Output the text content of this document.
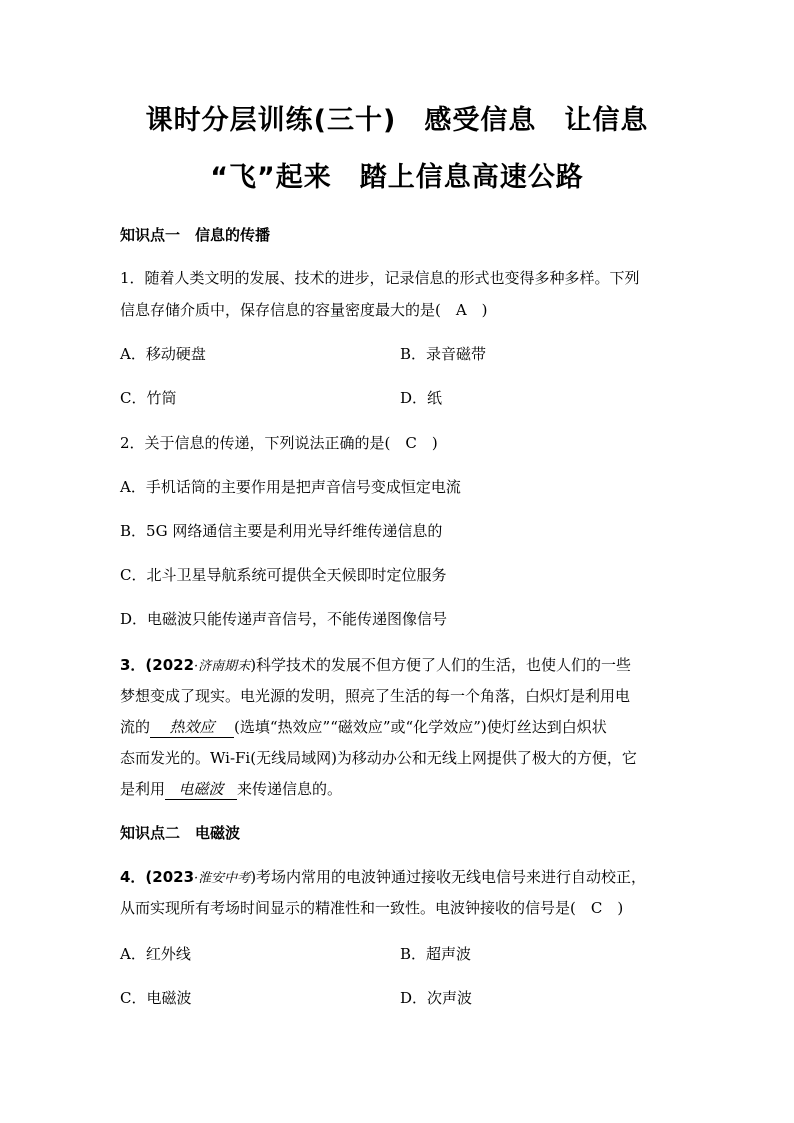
课时分层训练(三十)　感受信息　让信息
“飞”起来　踏上信息高速公路
知识点一　信息的传播
1．随着人类文明的发展、技术的进步，记录信息的形式也变得多种多样。下列
信息存储介质中，保存信息的容量密度最大的是(　A　)
A．移动硬盘	B．录音磁带
C．竹筒	D．纸
2．关于信息的传递，下列说法正确的是(　C　)
A．手机话筒的主要作用是把声音信号变成恒定电流
B．5G 网络通信主要是利用光导纤维传递信息的
C．北斗卫星导航系统可提供全天候即时定位服务
D．电磁波只能传递声音信号，不能传递图像信号
3．(2022·济南期末)科学技术的发展不但方便了人们的生活，也使人们的一些
梦想变成了现实。电光源的发明，照亮了生活的每一个角落，白炽灯是利用电
流的 热效应 (选填“热效应”“磁效应”或“化学效应”)使灯丝达到白炽状
态而发光的。Wi-Fi(无线局域网)为移动办公和无线上网提供了极大的方便，它
是利用 电磁波 来传递信息的。
知识点二　电磁波
4．(2023·淮安中考)考场内常用的电波钟通过接收无线电信号来进行自动校正，
从而实现所有考场时间显示的精准性和一致性。电波钟接收的信号是(　C　)
A．红外线	B．超声波
C．电磁波	D．次声波
